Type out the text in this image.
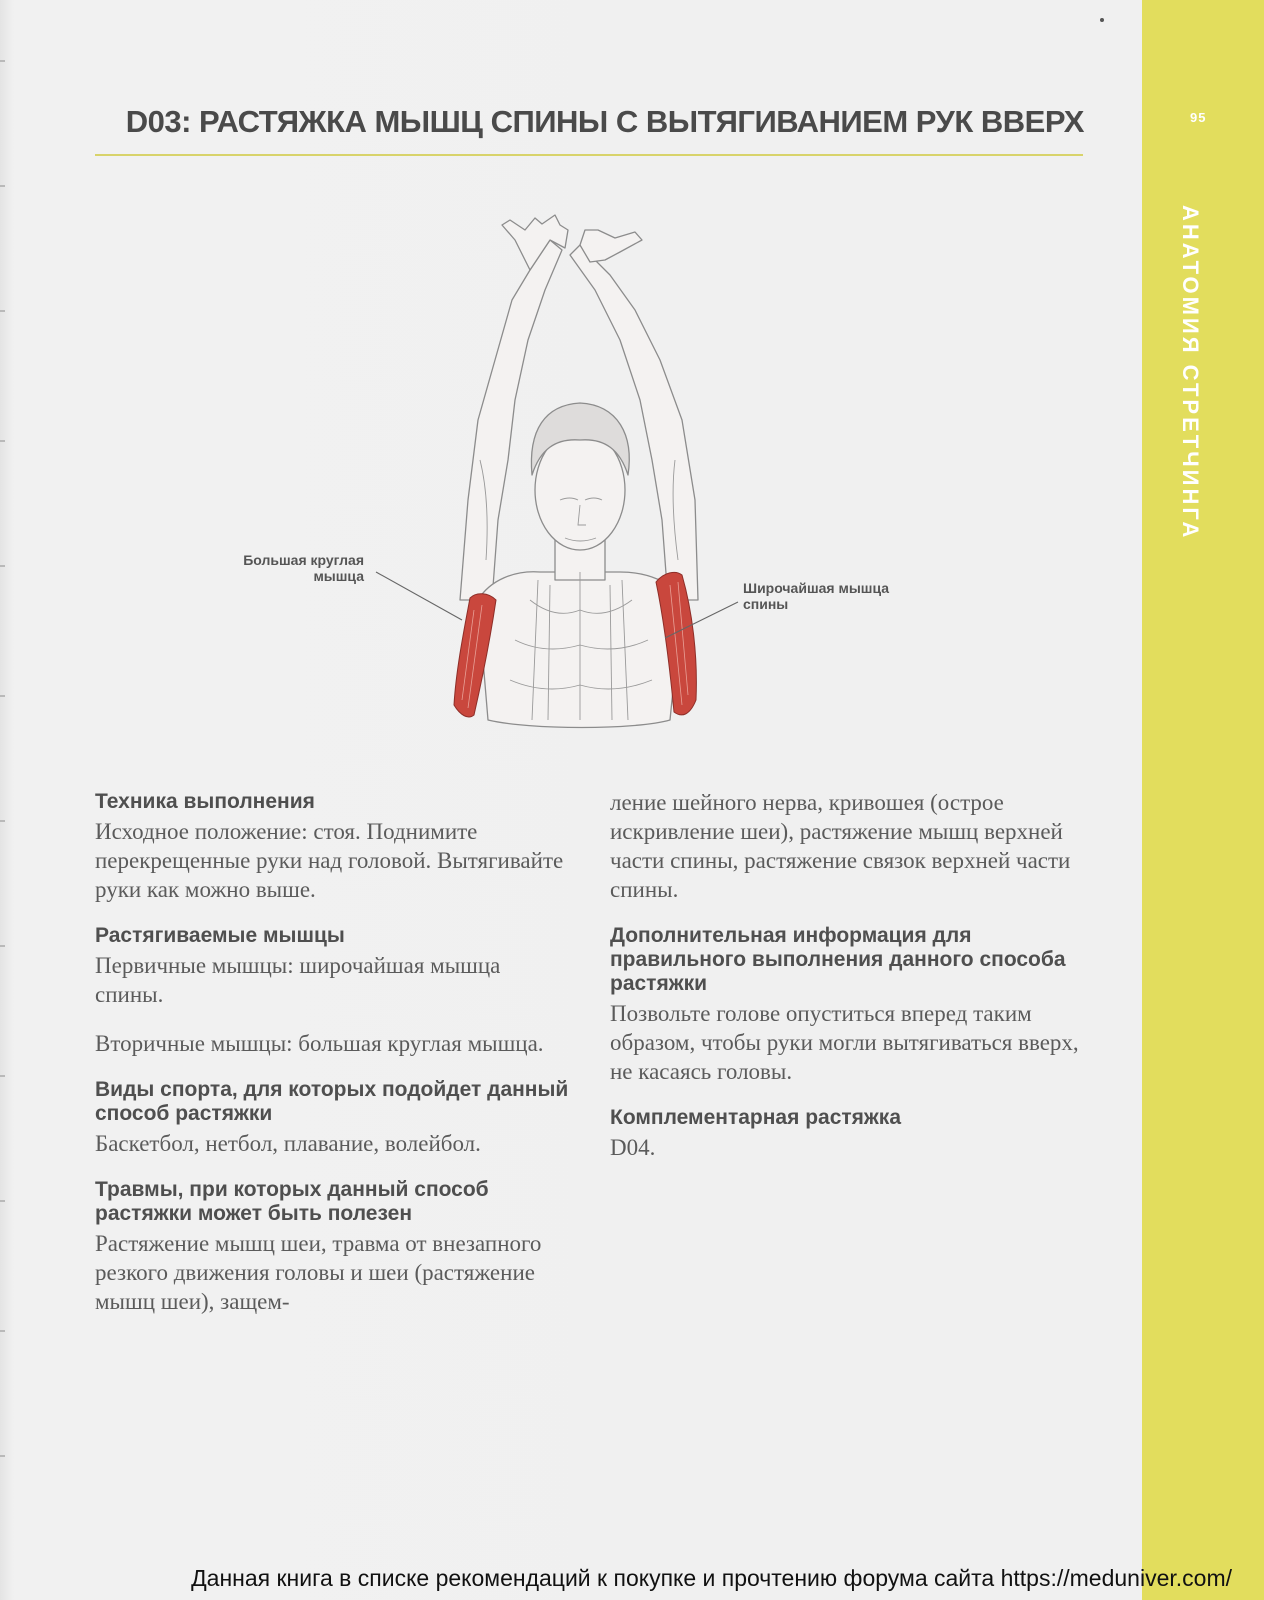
95
АНАТОМИЯ СТРЕТЧИНГА
D03: РАСТЯЖКА МЫШЦ СПИНЫ С ВЫТЯГИВАНИЕМ РУК ВВЕРХ
Большая круглая мышца
Широчайшая мышца спины
Техника выполнения

Исходное положение: стоя. Поднимите перекрещенные руки над головой. Вытягивайте руки как можно выше.

Растягиваемые мышцы

Первичные мышцы: широчайшая мышца спины.

Вторичные мышцы: большая круглая мышца.

Виды спорта, для которых подойдет данный способ растяжки

Баскетбол, нетбол, плавание, волейбол.

Травмы, при которых данный способ растяжки может быть полезен

Растяжение мышц шеи, травма от внезапного резкого движения головы и шеи (растяжение мышц шеи), защем-

ление шейного нерва, кривошея (острое искривление шеи), растяжение мышц верхней части спины, растяжение связок верхней части спины.

Дополнительная информация для правильного выполнения данного способа растяжки

Позвольте голове опуститься вперед таким образом, чтобы руки могли вытягиваться вверх, не касаясь головы.

Комплементарная растяжка

D04.

Данная книга в списке рекомендаций к покупке и прочтению форума сайта https://meduniver.com/
